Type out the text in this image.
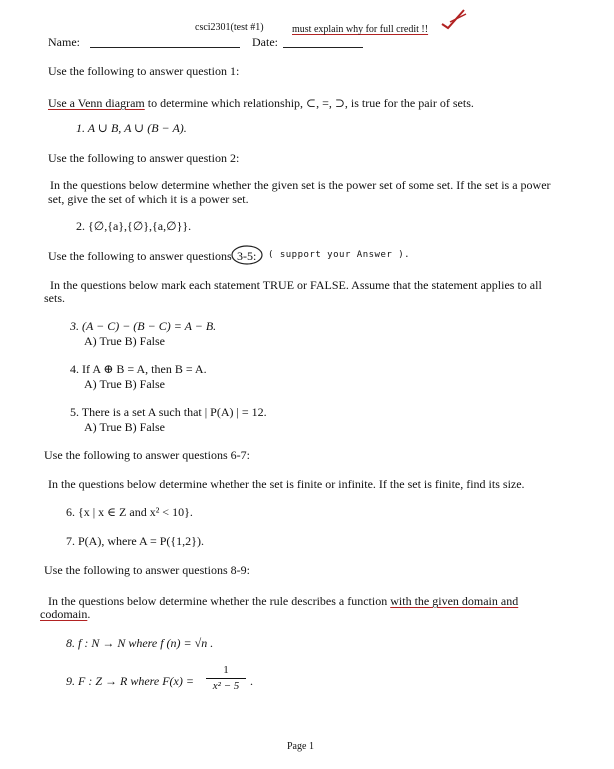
csci2301(test #1)	must explain why for full credit !!
Name:	Date:
Use the following to answer question 1:
Use a Venn diagram to determine which relationship, ⊂, =, ⊃, is true for the pair of sets.
1. A ∪ B, A ∪ (B − A).
Use the following to answer question 2:
In the questions below determine whether the given set is the power set of some set. If the set is a power
set, give the set of which it is a power set.
2. {∅,{a},{∅},{a,∅}}.
Use the following to answer questions 3-5: ( support your Answer ).
In the questions below mark each statement TRUE or FALSE. Assume that the statement applies to all
sets.
3. (A − C) − (B − C) = A − B.
A) True B) False
4. If A ⊕ B = A, then B = A.
A) True B) False
5. There is a set A such that | P(A) | = 12.
A) True B) False
Use the following to answer questions 6-7:
In the questions below determine whether the set is finite or infinite. If the set is finite, find its size.
6. {x | x ∈ Z and x² < 10}.
7. P(A), where A = P({1,2}).
Use the following to answer questions 8-9:
In the questions below determine whether the rule describes a function with the given domain and
codomain.
8. f : N → N where f (n) = √n .
9. F : Z → R where F(x) =
1
x² − 5 .
Page 1
